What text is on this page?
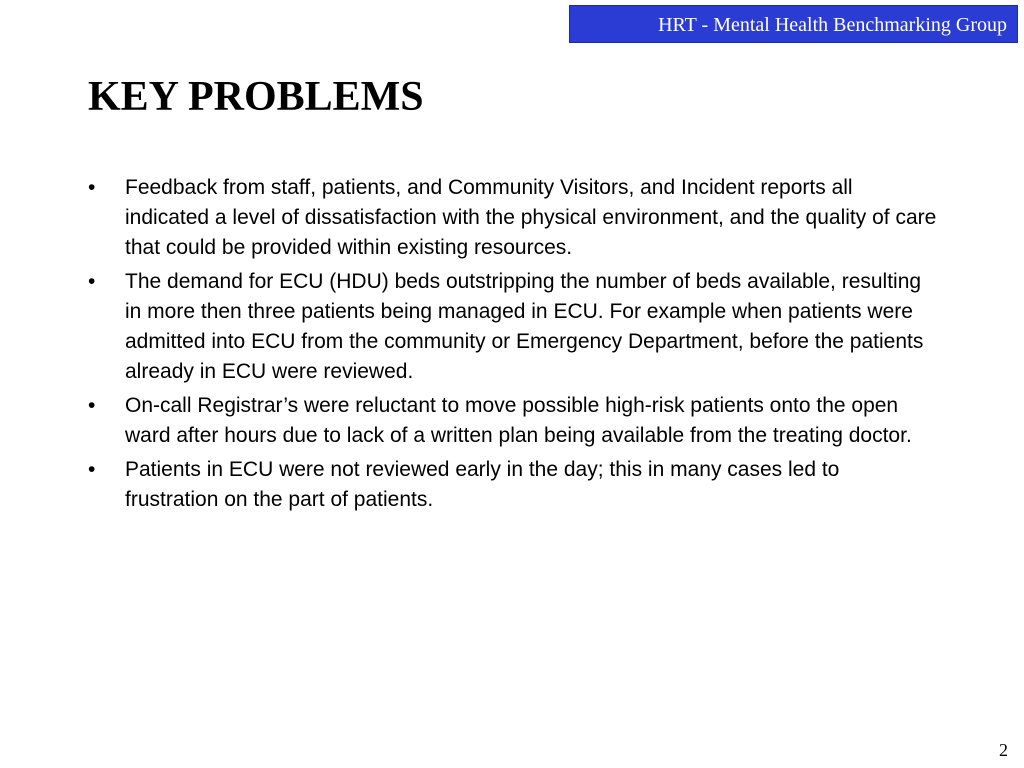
HRT - Mental Health Benchmarking Group
KEY PROBLEMS
• Feedback from staff, patients, and Community Visitors, and Incident reports all indicated a level of dissatisfaction with the physical environment, and the quality of care that could be provided within existing resources.
• The demand for ECU (HDU) beds outstripping the number of beds available, resulting in more then three patients being managed in ECU. For example when patients were admitted into ECU from the community or Emergency Department, before the patients already in ECU were reviewed.
• On-call Registrar’s were reluctant to move possible high-risk patients onto the open ward after hours due to lack of a written plan being available from the treating doctor.
• Patients in ECU were not reviewed early in the day; this in many cases led to frustration on the part of patients.
2
